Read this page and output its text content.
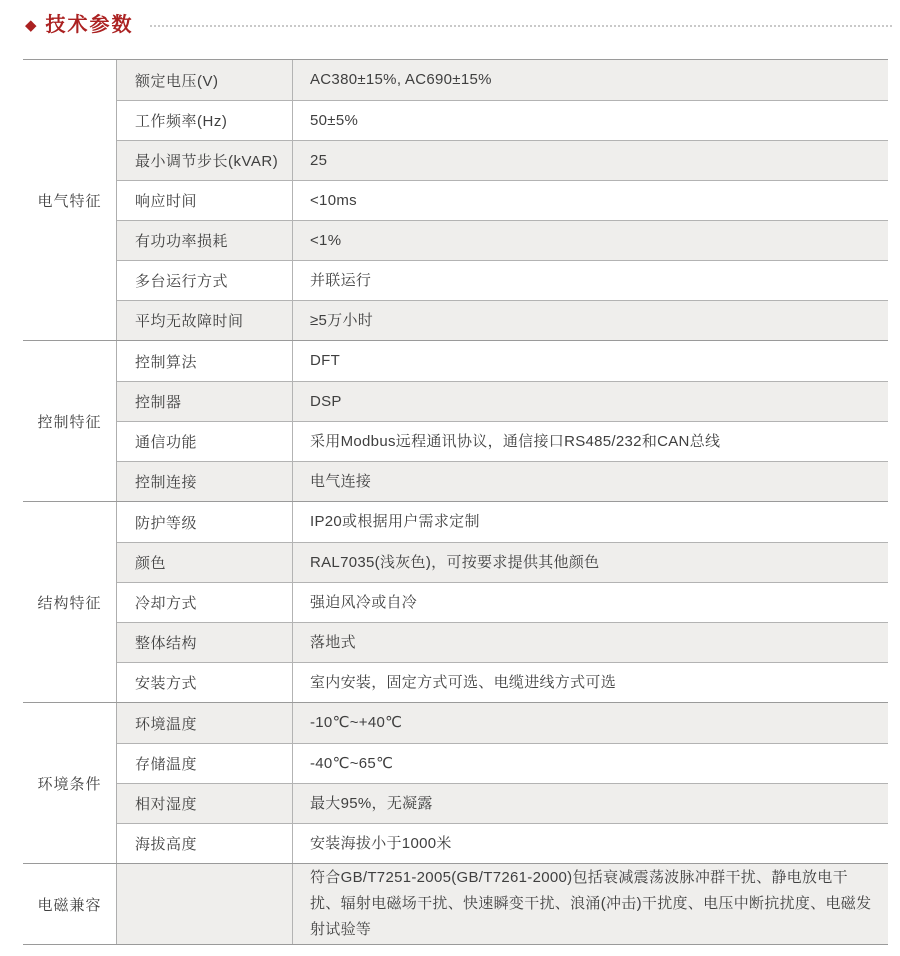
◆ 技术参数
电气特征
额定电压(V)	AC380±15%, AC690±15%
工作频率(Hz)	50±5%
最小调节步长(kVAR)	25
响应时间	<10ms
有功功率损耗	<1%
多台运行方式	并联运行
平均无故障时间	≥5万小时
控制特征
控制算法	DFT
控制器	DSP
通信功能	采用Modbus远程通讯协议，通信接口RS485/232和CAN总线
控制连接	电气连接
结构特征
防护等级	IP20或根据用户需求定制
颜色	RAL7035(浅灰色)，可按要求提供其他颜色
冷却方式	强迫风冷或自冷
整体结构	落地式
安装方式	室内安装，固定方式可选、电缆进线方式可选
环境条件
环境温度	-10℃~+40℃
存储温度	-40℃~65℃
相对湿度	最大95%，无凝露
海拔高度	安装海拔小于1000米
电磁兼容
符合GB/T7251-2005(GB/T7261-2000)包括衰减震荡波脉冲群干扰、静电放电干扰、辐射电磁场干扰、快速瞬变干扰、浪涌(冲击)干扰度、电压中断抗扰度、电磁发射试验等
